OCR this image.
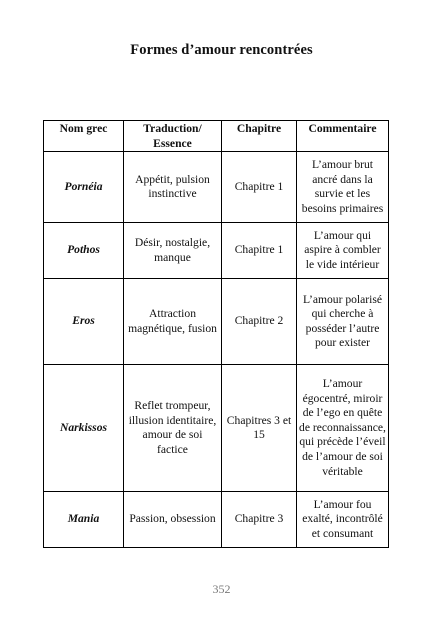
Formes d’amour rencontrées
Nom grec	Traduction/ Essence	Chapitre	Commentaire
Pornéia	Appétit, pulsion instinctive	Chapitre 1	L’amour brut ancré dans la survie et les besoins primaires
Pothos	Désir, nostalgie, manque	Chapitre 1	L’amour qui aspire à combler le vide intérieur
Eros	Attraction magnétique, fusion	Chapitre 2	L’amour polarisé qui cherche à posséder l’autre pour exister
Narkissos	Reflet trompeur, illusion identitaire, amour de soi factice	Chapitres 3 et 15	L’amour égocentré, miroir de l’ego en quête de reconnaissance, qui précède l’éveil de l’amour de soi véritable
Mania	Passion, obsession	Chapitre 3	L’amour fou exalté, incontrôlé et consumant
352
